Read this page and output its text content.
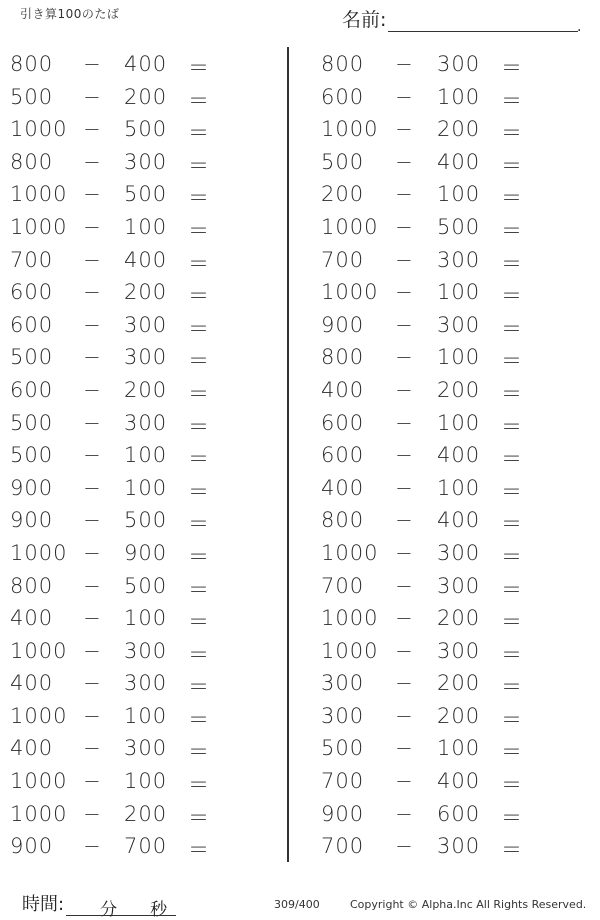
引き算100のたば	名前:	.
800	− 400 ＝
500	− 200 ＝
1000 − 500 ＝
800	− 300 ＝
1000 − 500 ＝
1000 − 100 ＝
700	− 400 ＝
600	− 200 ＝
600	− 300 ＝
500	− 300 ＝
600	− 200 ＝
500	− 300 ＝
500	− 100 ＝
900	− 100 ＝
900	− 500 ＝
1000 − 900 ＝
800	− 500 ＝
400	− 100 ＝
1000 − 300 ＝
400	− 300 ＝
1000 − 100 ＝
400	− 300 ＝
1000 − 100 ＝
1000 − 200 ＝
900	− 700 ＝
800	− 300 ＝
600	− 100 ＝
1000 − 200 ＝
500	− 400 ＝
200	− 100 ＝
1000 − 500 ＝
700	− 300 ＝
1000 − 100 ＝
900	− 300 ＝
800	− 100 ＝
400	− 200 ＝
600	− 100 ＝
600	− 400 ＝
400	− 100 ＝
800	− 400 ＝
1000 − 300 ＝
700	− 300 ＝
1000 − 200 ＝
1000 − 300 ＝
300	− 200 ＝
300	− 200 ＝
500	− 100 ＝
700	− 400 ＝
900	− 600 ＝
700	− 300 ＝
時間: 分 秒	309/400	Copyright © Alpha.Inc All Rights Reserved.
